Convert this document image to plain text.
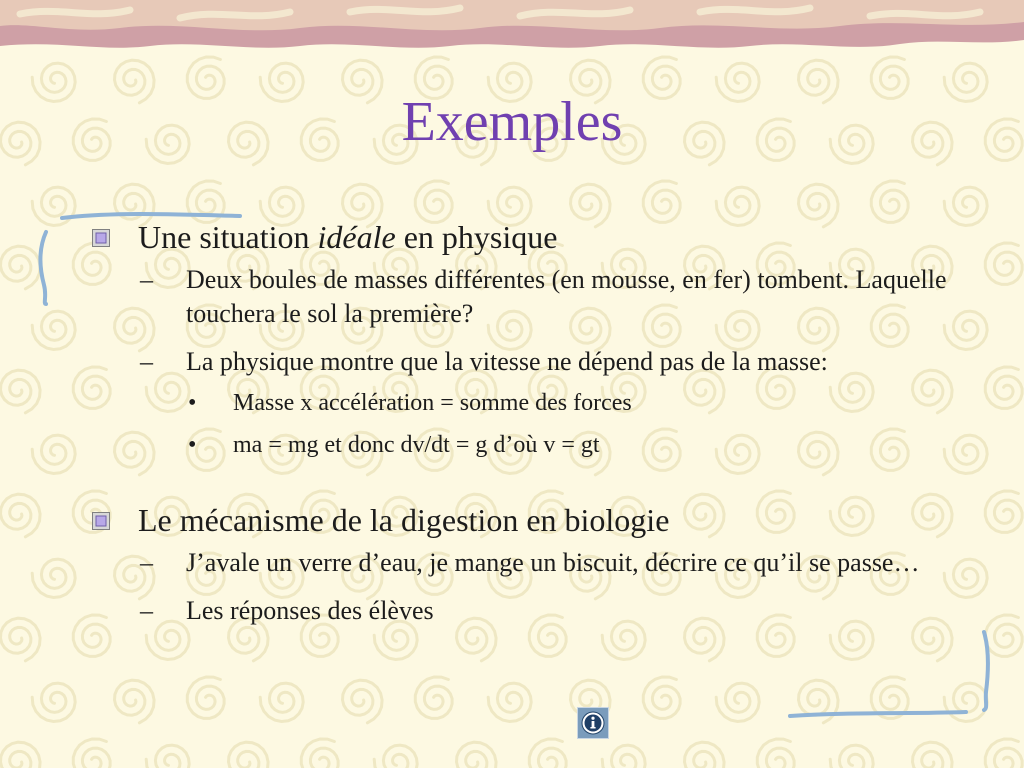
Exemples
Une situation idéale en physique
– Deux boules de masses différentes (en mousse, en fer) tombent. Laquelle touchera le sol la première?
– La physique montre que la vitesse ne dépend pas de la masse:
• Masse x accélération = somme des forces
• ma = mg et donc dv/dt = g d’où v = gt
Le mécanisme de la digestion en biologie
– J’avale un verre d’eau, je mange un biscuit, décrire ce qu’il se passe…
– Les réponses des élèves
